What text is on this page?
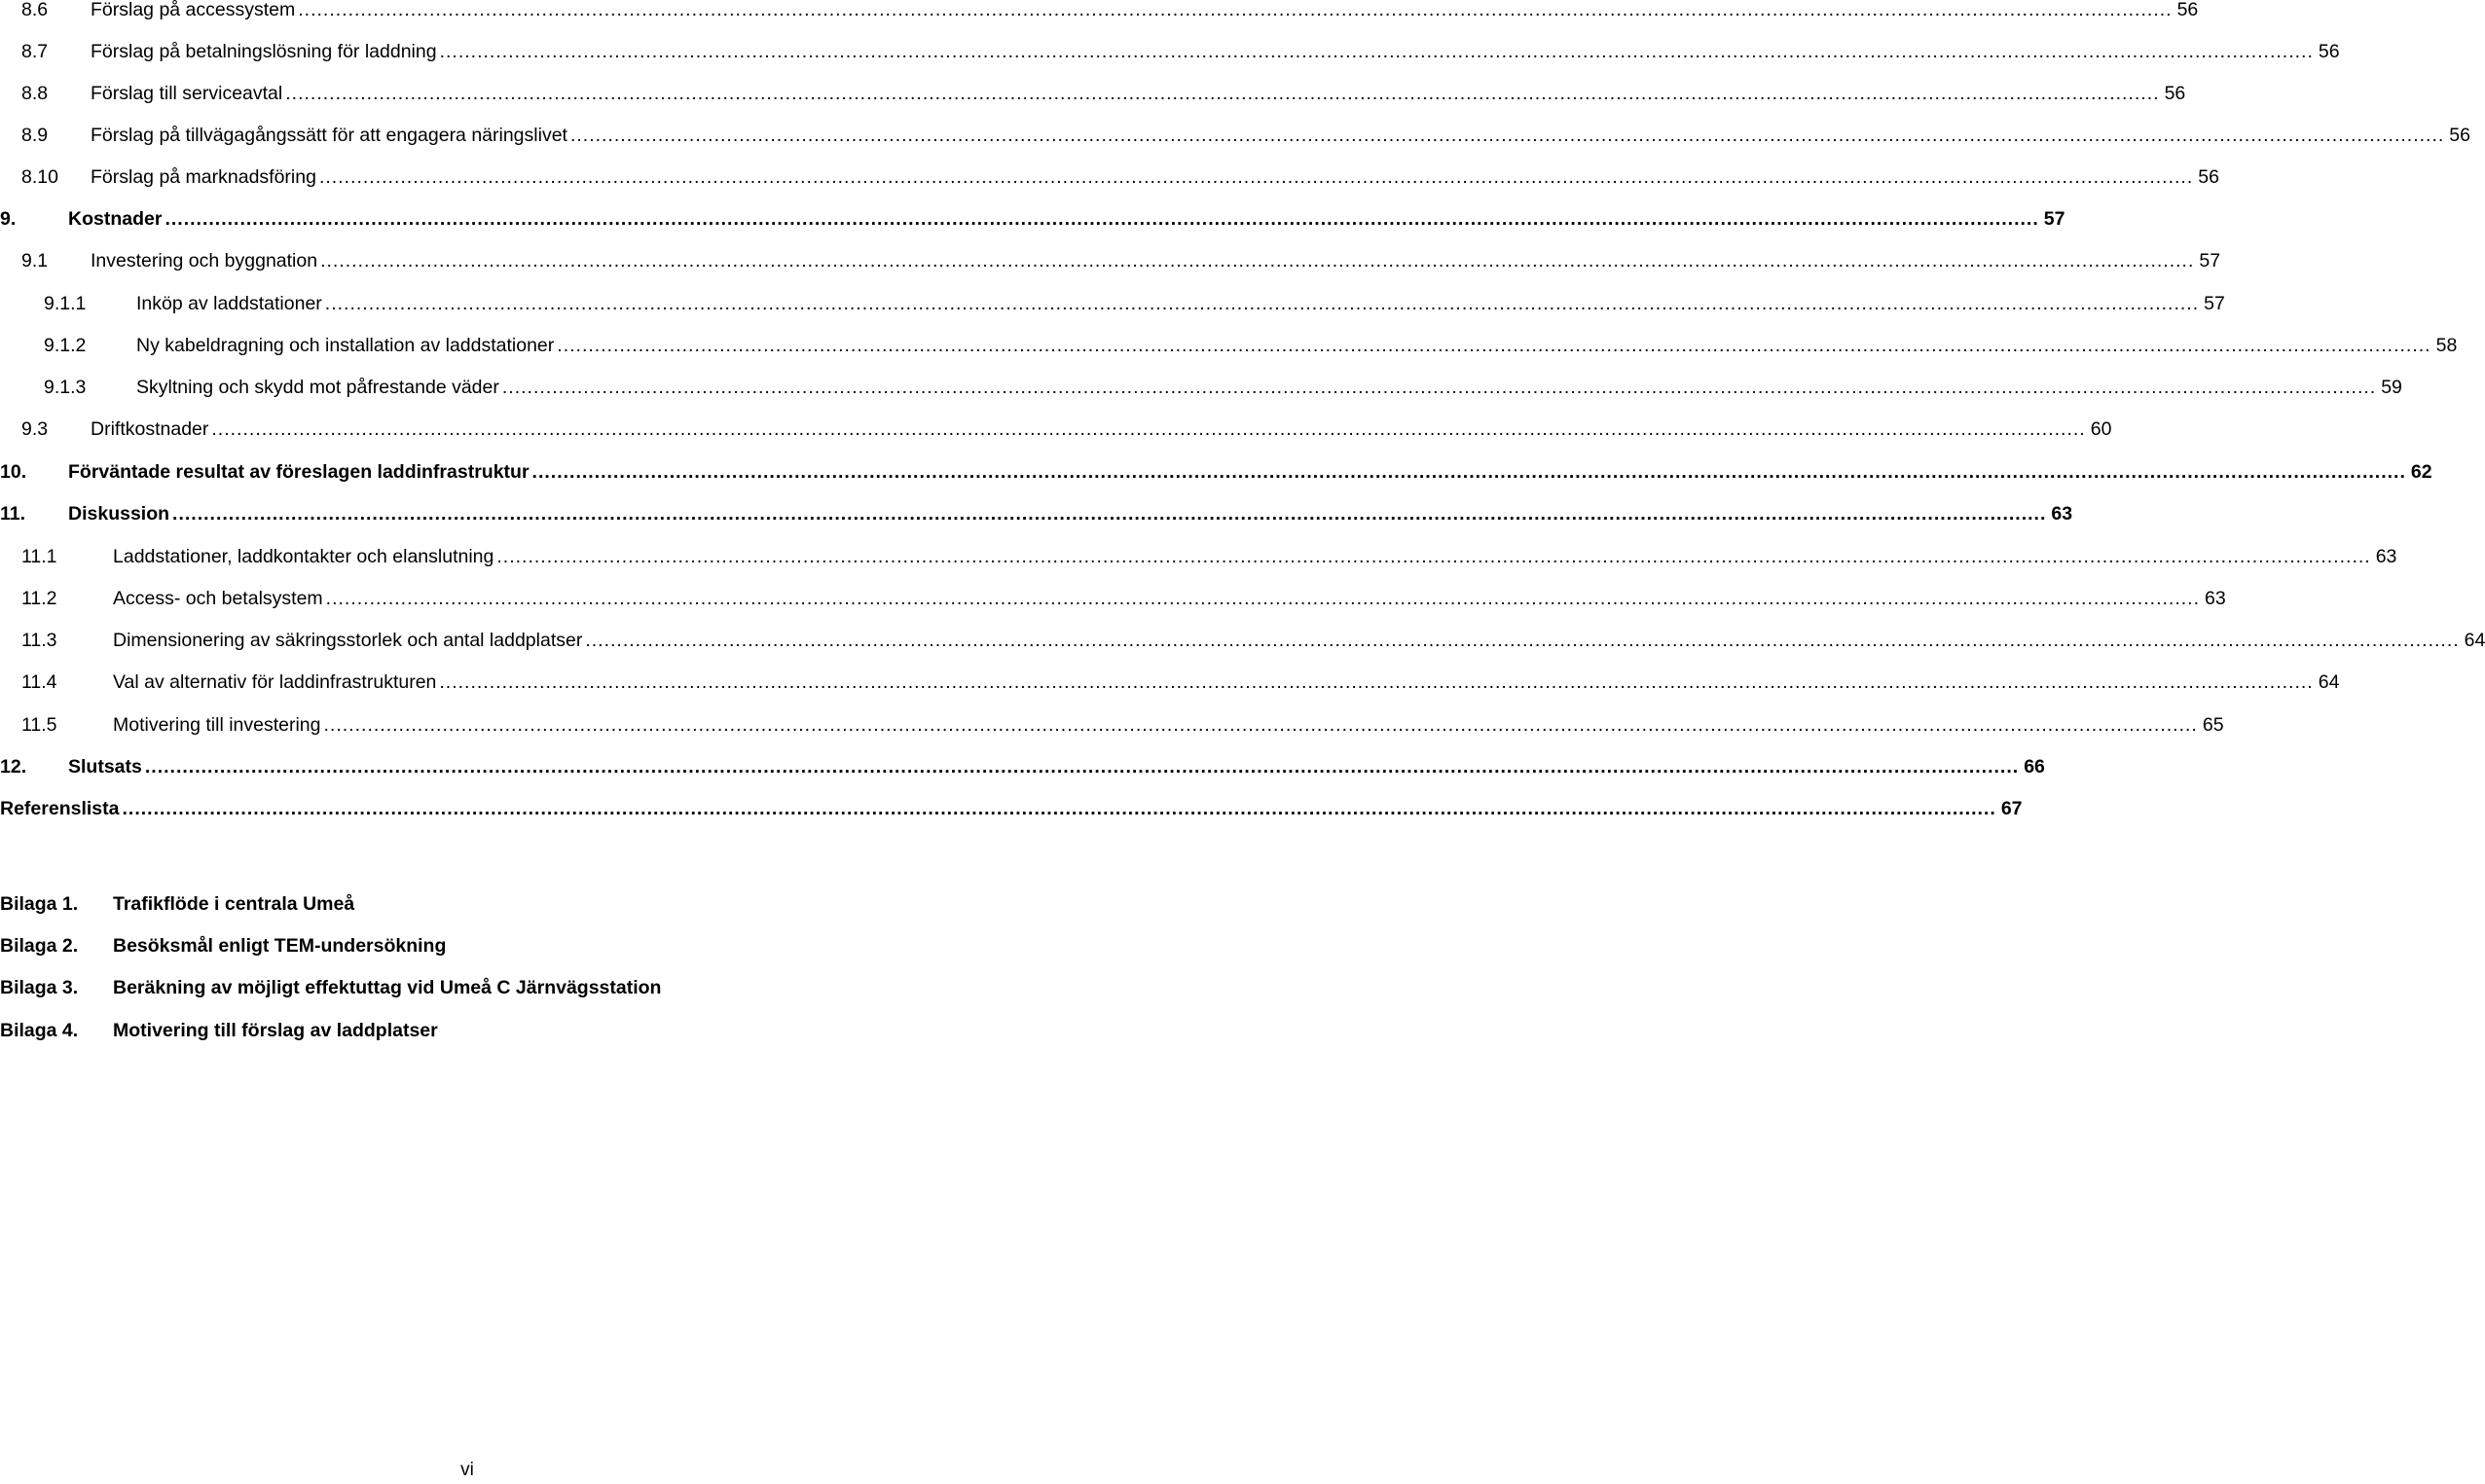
8.6	Förslag på accessystem ............................................................................................................................................................................................................................................................................................................ 56
8.7	Förslag på betalningslösning för laddning ............................................................................................................................................................................................................................................................................................................ 56
8.8	Förslag till serviceavtal ............................................................................................................................................................................................................................................................................................................ 56
8.9	Förslag på tillvägagångssätt för att engagera näringslivet ............................................................................................................................................................................................................................................................................................................ 56
8.10	Förslag på marknadsföring ............................................................................................................................................................................................................................................................................................................ 56
9.	Kostnader ............................................................................................................................................................................................................................................................................................................ 57
9.1	Investering och byggnation ............................................................................................................................................................................................................................................................................................................ 57
9.1.1	Inköp av laddstationer ............................................................................................................................................................................................................................................................................................................ 57
9.1.2	Ny kabeldragning och installation av laddstationer ............................................................................................................................................................................................................................................................................................................ 58
9.1.3	Skyltning och skydd mot påfrestande väder ............................................................................................................................................................................................................................................................................................................ 59
9.3	Driftkostnader ............................................................................................................................................................................................................................................................................................................ 60
10.	Förväntade resultat av föreslagen laddinfrastruktur ............................................................................................................................................................................................................................................................................................................ 62
11.	Diskussion ............................................................................................................................................................................................................................................................................................................ 63
11.1	Laddstationer, laddkontakter och elanslutning ............................................................................................................................................................................................................................................................................................................ 63
11.2	Access- och betalsystem ............................................................................................................................................................................................................................................................................................................ 63
11.3	Dimensionering av säkringsstorlek och antal laddplatser ............................................................................................................................................................................................................................................................................................................ 64
11.4	Val av alternativ för laddinfrastrukturen ............................................................................................................................................................................................................................................................................................................ 64
11.5	Motivering till investering ............................................................................................................................................................................................................................................................................................................ 65
12.	Slutsats ............................................................................................................................................................................................................................................................................................................ 66
Referenslista ............................................................................................................................................................................................................................................................................................................ 67
Bilaga 1.	Trafikflöde i centrala Umeå
Bilaga 2.	Besöksmål enligt TEM-undersökning
Bilaga 3.	Beräkning av möjligt effektuttag vid Umeå C Järnvägsstation
Bilaga 4.	Motivering till förslag av laddplatser
vi
